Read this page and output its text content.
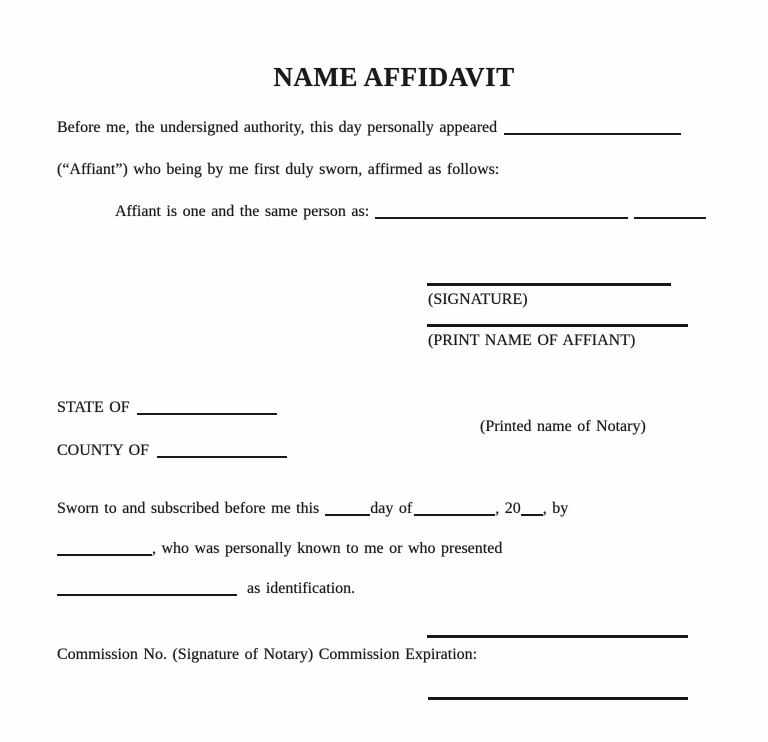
NAME AFFIDAVIT
Before me, the undersigned authority, this day personally appeared
(“Affiant”) who being by me first duly sworn, affirmed as follows:
Affiant is one and the same person as:
(SIGNATURE)
(PRINT NAME OF AFFIANT)
STATE OF
(Printed name of Notary)
COUNTY OF
Sworn to and subscribed before me this	day of	, 20 , by
, who was personally known to me or who presented
as identification.
Commission No. (Signature of Notary) Commission Expiration:
